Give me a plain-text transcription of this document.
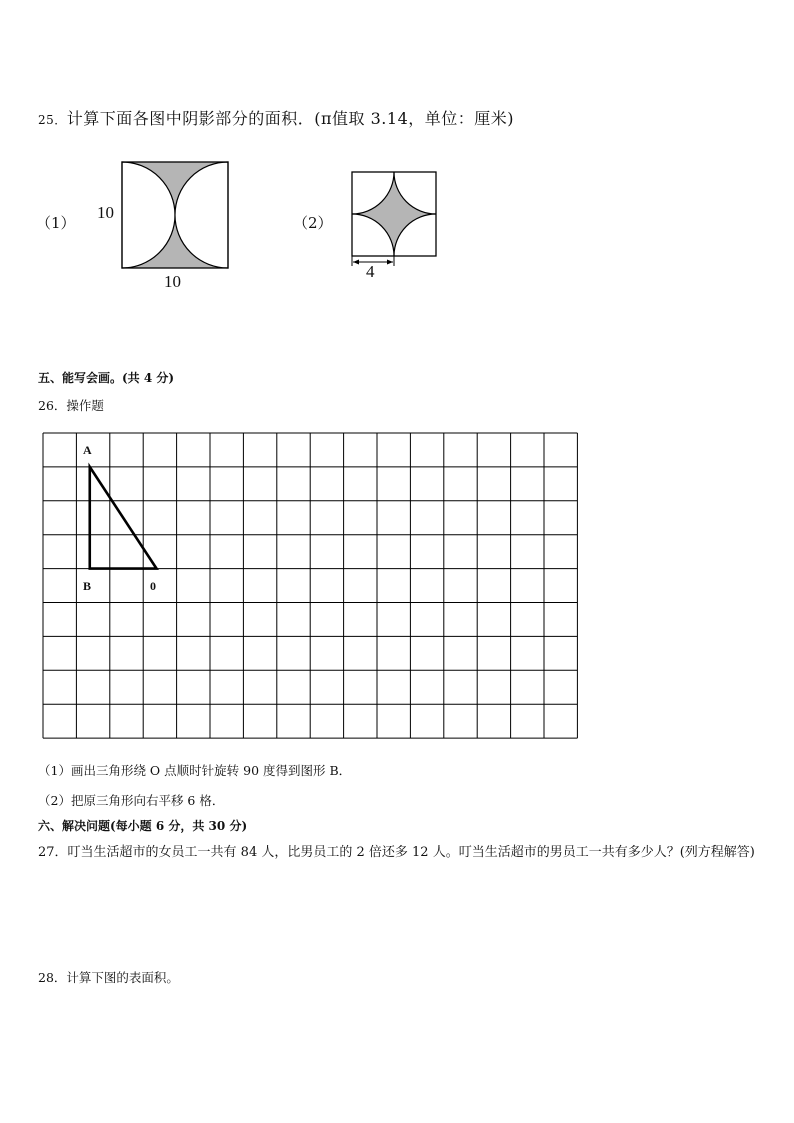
25．计算下面各图中阴影部分的面积．(π值取 3.14，单位：厘米)
（1）
10
10
（2）
4
五、能写会画。(共 4 分)
26．操作题
A
B	0
（1）画出三角形绕 O 点顺时针旋转 90 度得到图形 B．
（2）把原三角形向右平移 6 格．
六、解决问题(每小题 6 分，共 30 分)
27．叮当生活超市的女员工一共有 84 人，比男员工的 2 倍还多 12 人。叮当生活超市的男员工一共有多少人？(列方程解答)
28．计算下图的表面积。
